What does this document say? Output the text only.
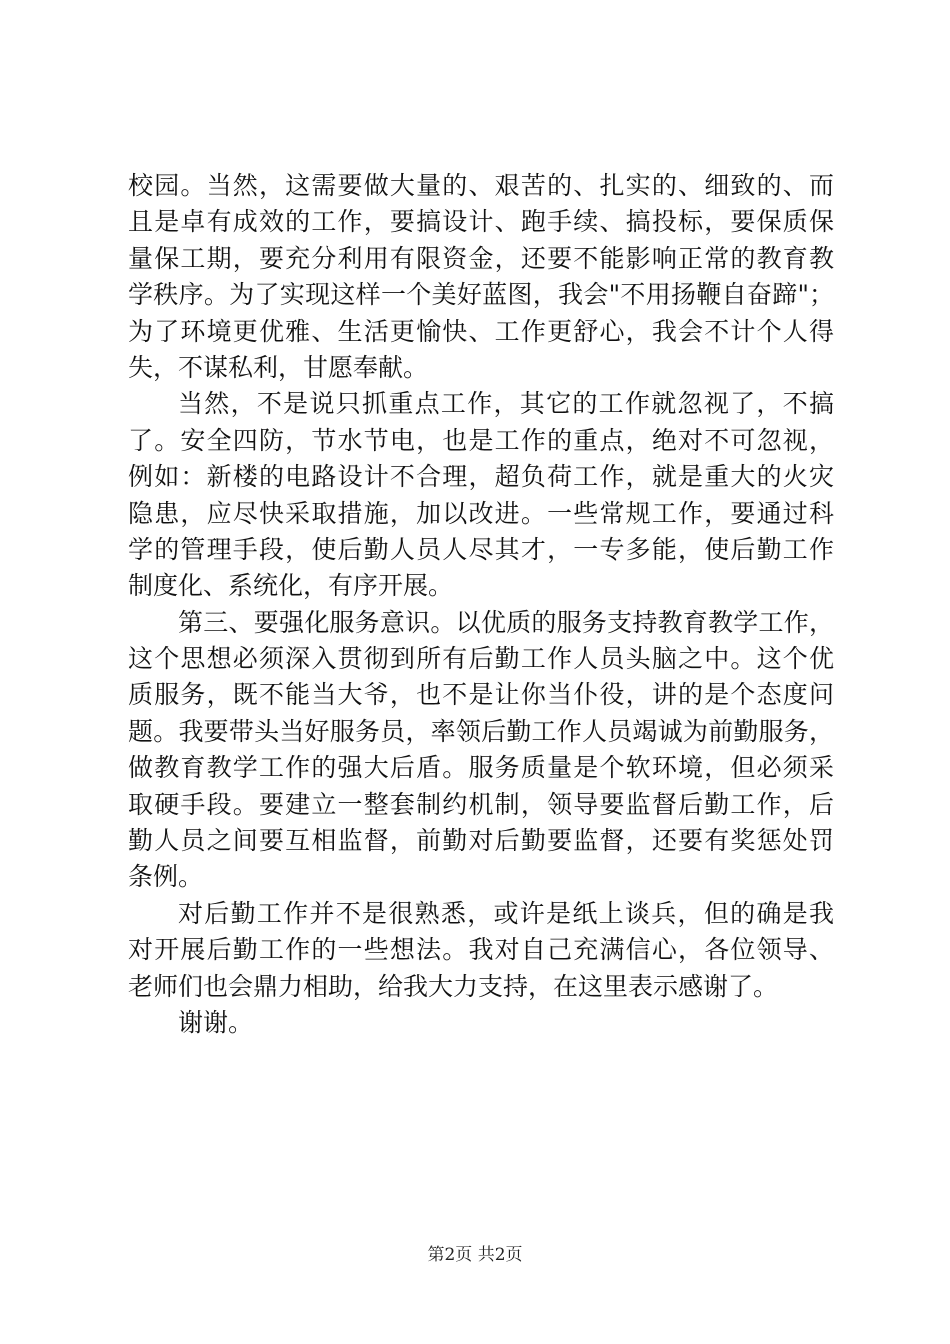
校园。当然，这需要做大量的、艰苦的、扎实的、细致的、而
且是卓有成效的工作，要搞设计、跑手续、搞投标，要保质保
量保工期，要充分利用有限资金，还要不能影响正常的教育教
学秩序。为了实现这样一个美好蓝图，我会"不用扬鞭自奋蹄"；
为了环境更优雅、生活更愉快、工作更舒心，我会不计个人得
失，不谋私利，甘愿奉献。
当然，不是说只抓重点工作，其它的工作就忽视了，不搞
了。安全四防，节水节电，也是工作的重点，绝对不可忽视，
例如：新楼的电路设计不合理，超负荷工作，就是重大的火灾
隐患，应尽快采取措施，加以改进。一些常规工作，要通过科
学的管理手段，使后勤人员人尽其才，一专多能，使后勤工作
制度化、系统化，有序开展。
第三、要强化服务意识。以优质的服务支持教育教学工作，
这个思想必须深入贯彻到所有后勤工作人员头脑之中。这个优
质服务，既不能当大爷，也不是让你当仆役，讲的是个态度问
题。我要带头当好服务员，率领后勤工作人员竭诚为前勤服务，
做教育教学工作的强大后盾。服务质量是个软环境，但必须采
取硬手段。要建立一整套制约机制，领导要监督后勤工作，后
勤人员之间要互相监督，前勤对后勤要监督，还要有奖惩处罚
条例。
对后勤工作并不是很熟悉，或许是纸上谈兵，但的确是我
对开展后勤工作的一些想法。我对自己充满信心，各位领导、
老师们也会鼎力相助，给我大力支持，在这里表示感谢了。
谢谢。
第2页 共2页
